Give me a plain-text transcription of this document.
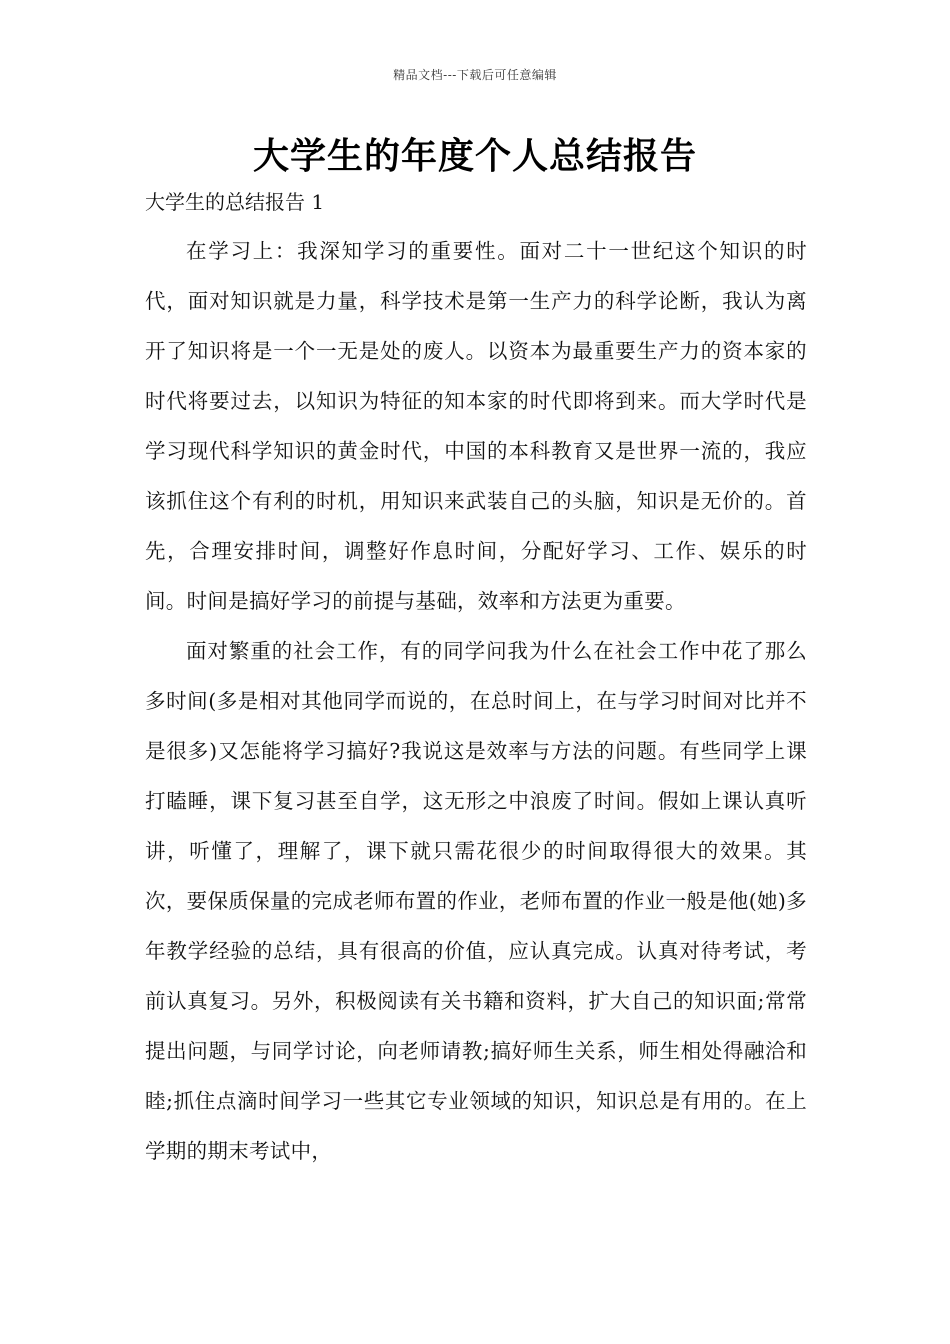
精品文档---下载后可任意编辑
大学生的年度个人总结报告
大学生的总结报告 1

在学习上：我深知学习的重要性。面对二十一世纪这个知识的时代，面对知识就是力量，科学技术是第一生产力的科学论断，我认为离开了知识将是一个一无是处的废人。以资本为最重要生产力的资本家的时代将要过去，以知识为特征的知本家的时代即将到来。而大学时代是学习现代科学知识的黄金时代，中国的本科教育又是世界一流的，我应该抓住这个有利的时机，用知识来武装自己的头脑，知识是无价的。首先，合理安排时间，调整好作息时间，分配好学习、工作、娱乐的时间。时间是搞好学习的前提与基础，效率和方法更为重要。

面对繁重的社会工作，有的同学问我为什么在社会工作中花了那么多时间(多是相对其他同学而说的，在总时间上，在与学习时间对比并不是很多)又怎能将学习搞好?我说这是效率与方法的问题。有些同学上课打瞌睡，课下复习甚至自学，这无形之中浪废了时间。假如上课认真听讲，听懂了，理解了，课下就只需花很少的时间取得很大的效果。其次，要保质保量的完成老师布置的作业，老师布置的作业一般是他(她)多年教学经验的总结，具有很高的价值，应认真完成。认真对待考试，考前认真复习。另外，积极阅读有关书籍和资料，扩大自己的知识面;常常提出问题，与同学讨论，向老师请教;搞好师生关系，师生相处得融洽和睦;抓住点滴时间学习一些其它专业领域的知识，知识总是有用的。在上学期的期末考试中，
